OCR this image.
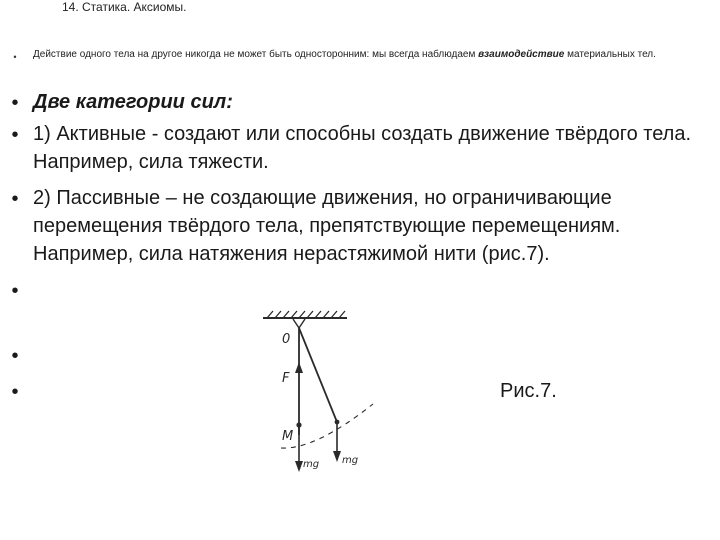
14. Статика. Аксиомы.
•	Действие одного тела на другое никогда не может быть односторонним: мы всегда наблюдаем взаимодействие материальных тел.
• Две категории сил:
• 1) Активные - создают или способны создать движение твёрдого тела. Например, сила тяжести.
• 2) Пассивные – не создающие движения, но ограничивающие перемещения твёрдого тела, препятствующие перемещениям. Например, сила натяжения нерастяжимой нити (рис.7).
•
•
•
0
F
M
mg mg
Рис.7.
